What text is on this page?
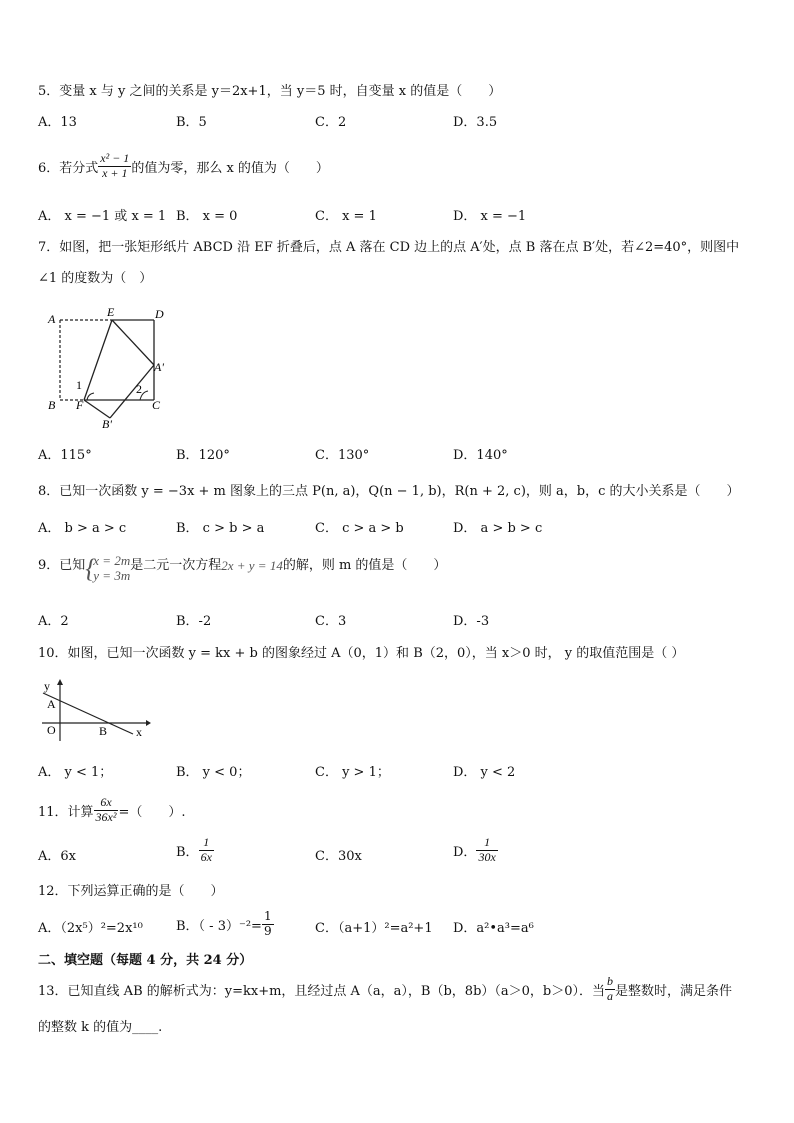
5．变量 x 与 y 之间的关系是 y＝2x+1，当 y＝5 时，自变量 x 的值是（　　）
A．13	B．5	C．2	D．3.5
6．若分式 $\frac{\text{x² − 1}}{x + 1}$ 的值为零，那么 x 的值为（　　）
A． x = −1 或 x = 1 B． x = 0	C． x = 1	D． x = −1
7．如图，把一张矩形纸片 ABCD 沿 EF 折叠后，点 A 落在 CD 边上的点 A′处，点 B 落在点 B′处，若∠2=40°，则图中
∠1 的度数为（　）
A	E	D
A'
B F	C
B'
1	2
A．115°	B．120°	C．130°	D．140°
8．已知一次函数 y = −3x + m 图象上的三点 P(n, a)，Q(n − 1, b)，R(n + 2, c)，则 a，b，c 的大小关系是（　　）
A． b > a > c	B． c > b > a	C． c > a > b	D． a > b > c
9．已知 {
x = 2m
y = 3m
是二元一次方程2x + y = 14的解，则 m 的值是（　　）
A．2	B．-2	C．3	D．-3
10．如图，已知一次函数 y = kx + b 的图象经过 A（0，1）和 B（2，0），当 x＞0 时， y 的取值范围是（ ）
y
A
O	B x
A． y < 1；	B． y < 0；	C． y > 1；	D． y < 2
11．计算 $\frac{6x}{\text{36x²}}$ =（　　）.
A．6x	B． $\frac{1}{6x}$	C．30x	D． $\frac{1}{30x}$
12．下列运算正确的是（　　）
A．（2x⁵）²=2x¹⁰	B．（ - $3)^{-2}= \frac{1}{9}$	C．（a+1）²=a²+1 D．a²•a³=a⁶
二、填空题（每题 4 分，共 24 分）
13．已知直线 AB 的解析式为：y=kx+m，且经过点 A（a，a），B（b，8b）（a＞0，b＞0）．当 $\frac{b}{a}$ 是整数时，满足条件
的整数 k 的值为____.
